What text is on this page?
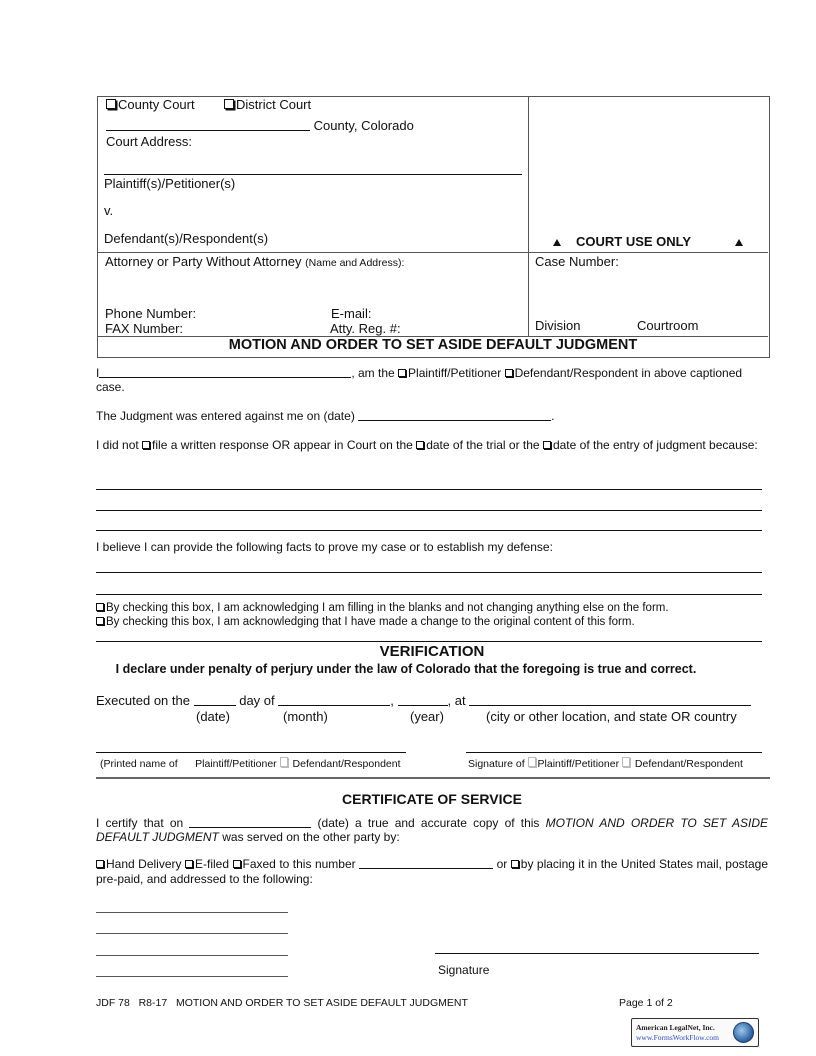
County Court	District Court
County, Colorado
Court Address:
Plaintiff(s)/Petitioner(s)
v.
Defendant(s)/Respondent(s)	COURT USE ONLY
Attorney or Party Without Attorney (Name and Address):
Phone Number:	E-mail:
FAX Number:	Atty. Reg. #:
Case Number:
Division	Courtroom
MOTION AND ORDER TO SET ASIDE DEFAULT JUDGMENT
I	, am the Plaintiff/Petitioner Defendant/Respondent in above captioned case.
The Judgment was entered against me on (date)	.
I did not file a written response OR appear in Court on the date of the trial or the date of the entry of judgment because:
I believe I can provide the following facts to prove my case or to establish my defense:
By checking this box, I am acknowledging I am filling in the blanks and not changing anything else on the form.
By checking this box, I am acknowledging that I have made a change to the original content of this form.
VERIFICATION
I declare under penalty of perjury under the law of Colorado that the foregoing is true and correct.
Executed on the	day of	,	, at
(date)	(month)	(year)	(city or other location, and state OR country
(Printed name of Plaintiff/Petitioner Defendant/Respondent	Signature of Plaintiff/Petitioner Defendant/Respondent
CERTIFICATE OF SERVICE
I certify that on	(date) a true and accurate copy of this MOTION AND ORDER TO SET ASIDE DEFAULT JUDGMENT was served on the other party by:
Hand Delivery E-filed Faxed to this number	or by placing it in the United States mail, postage pre-paid, and addressed to the following:
Signature
JDF 78   R8-17   MOTION AND ORDER TO SET ASIDE DEFAULT JUDGMENT	Page 1 of 2
American LegalNet, Inc.
www.FormsWorkFlow.com
